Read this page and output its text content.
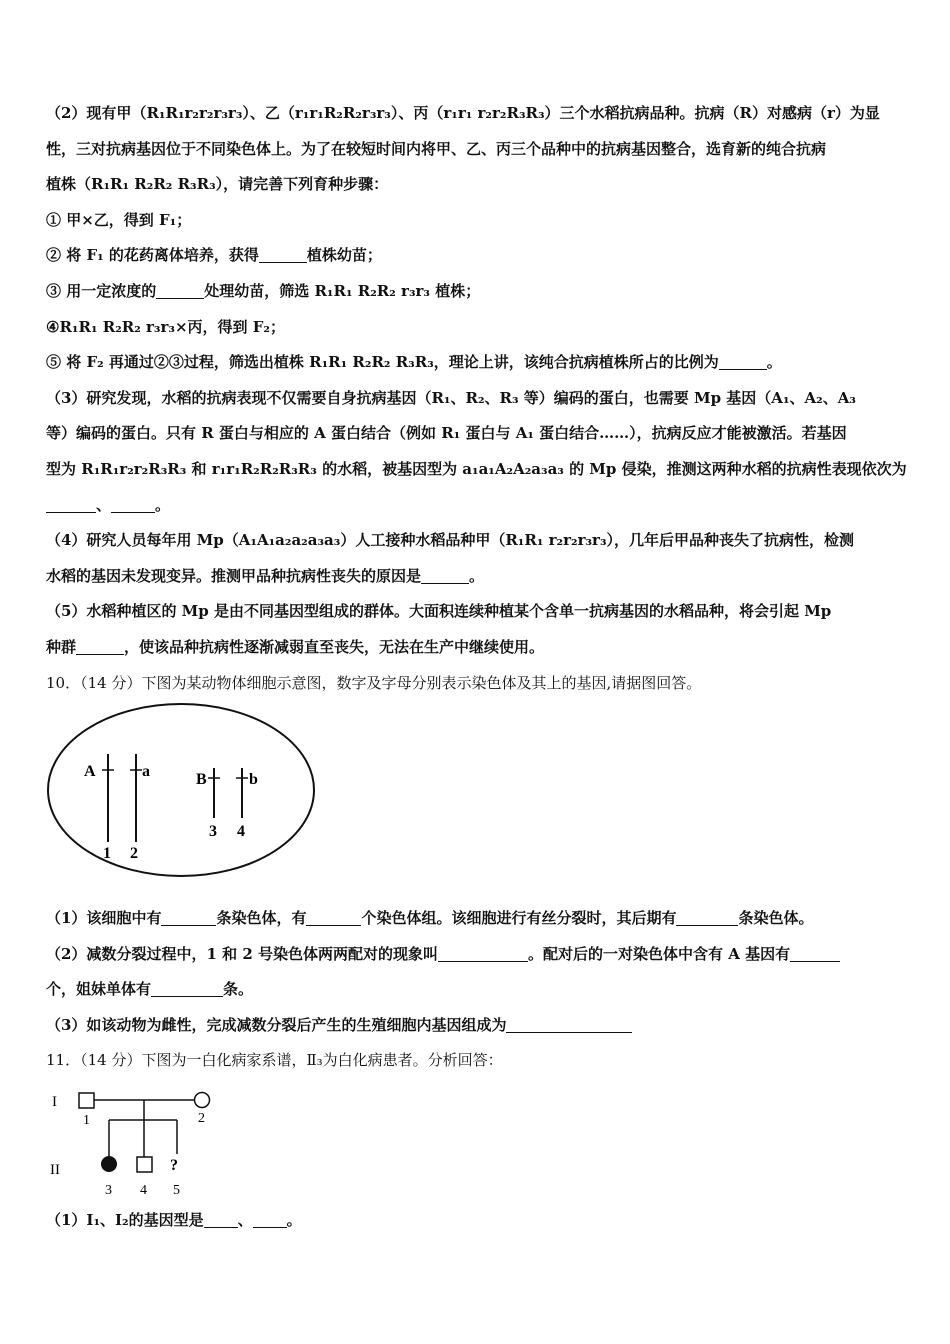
（2）现有甲（R₁R₁r₂r₂r₃r₃）、乙（r₁r₁R₂R₂r₃r₃）、丙（r₁r₁ r₂r₂R₃R₃）三个水稻抗病品种。抗病（R）对感病（r）为显
性，三对抗病基因位于不同染色体上。为了在较短时间内将甲、乙、丙三个品种中的抗病基因整合，选育新的纯合抗病
植株（R₁R₁ R₂R₂ R₃R₃），请完善下列育种步骤：
① 甲×乙，得到 F₁；
② 将 F₁ 的花药离体培养，获得	植株幼苗；
③ 用一定浓度的	处理幼苗，筛选 R₁R₁ R₂R₂ r₃r₃ 植株；
④R₁R₁ R₂R₂ r₃r₃×丙，得到 F₂；
⑤ 将 F₂ 再通过②③过程，筛选出植株 R₁R₁ R₂R₂ R₃R₃，理论上讲，该纯合抗病植株所占的比例为	。
（3）研究发现，水稻的抗病表现不仅需要自身抗病基因（R₁、R₂、R₃ 等）编码的蛋白，也需要 Mp 基因（A₁、A₂、A₃
等）编码的蛋白。只有 R 蛋白与相应的 A 蛋白结合（例如 R₁ 蛋白与 A₁ 蛋白结合……），抗病反应才能被激活。若基因
型为 R₁R₁r₂r₂R₃R₃ 和 r₁r₁R₂R₂R₃R₃ 的水稻，被基因型为 a₁a₁A₂A₂a₃a₃ 的 Mp 侵染，推测这两种水稻的抗病性表现依次为
、	。
（4）研究人员每年用 Mp（A₁A₁a₂a₂a₃a₃）人工接种水稻品种甲（R₁R₁ r₂r₂r₃r₃），几年后甲品种丧失了抗病性，检测
水稻的基因未发现变异。推测甲品种抗病性丧失的原因是	。
（5）水稻种植区的 Mp 是由不同基因型组成的群体。大面积连续种植某个含单一抗病基因的水稻品种，将会引起 Mp
种群	，使该品种抗病性逐渐减弱直至丧失，无法在生产中继续使用。
10．（14 分）下图为某动物体细胞示意图，数字及字母分别表示染色体及其上的基因,请据图回答。
（1）该细胞中有	条染色体，有	个染色体组。该细胞进行有丝分裂时，其后期有	条染色体。
（2）减数分裂过程中，1 和 2 号染色体两两配对的现象叫	。配对后的一对染色体中含有 A 基因有
个，姐妹单体有	条。
（3）如该动物为雌性，完成减数分裂后产生的生殖细胞内基因组成为
11．（14 分）下图为一白化病家系谱，Ⅱ₃为白化病患者。分析回答：
（1）Ⅰ₁、Ⅰ₂的基因型是 、 。
A	a	B	b
1 2
3 4
I
II
1	2
?
3 4 5
